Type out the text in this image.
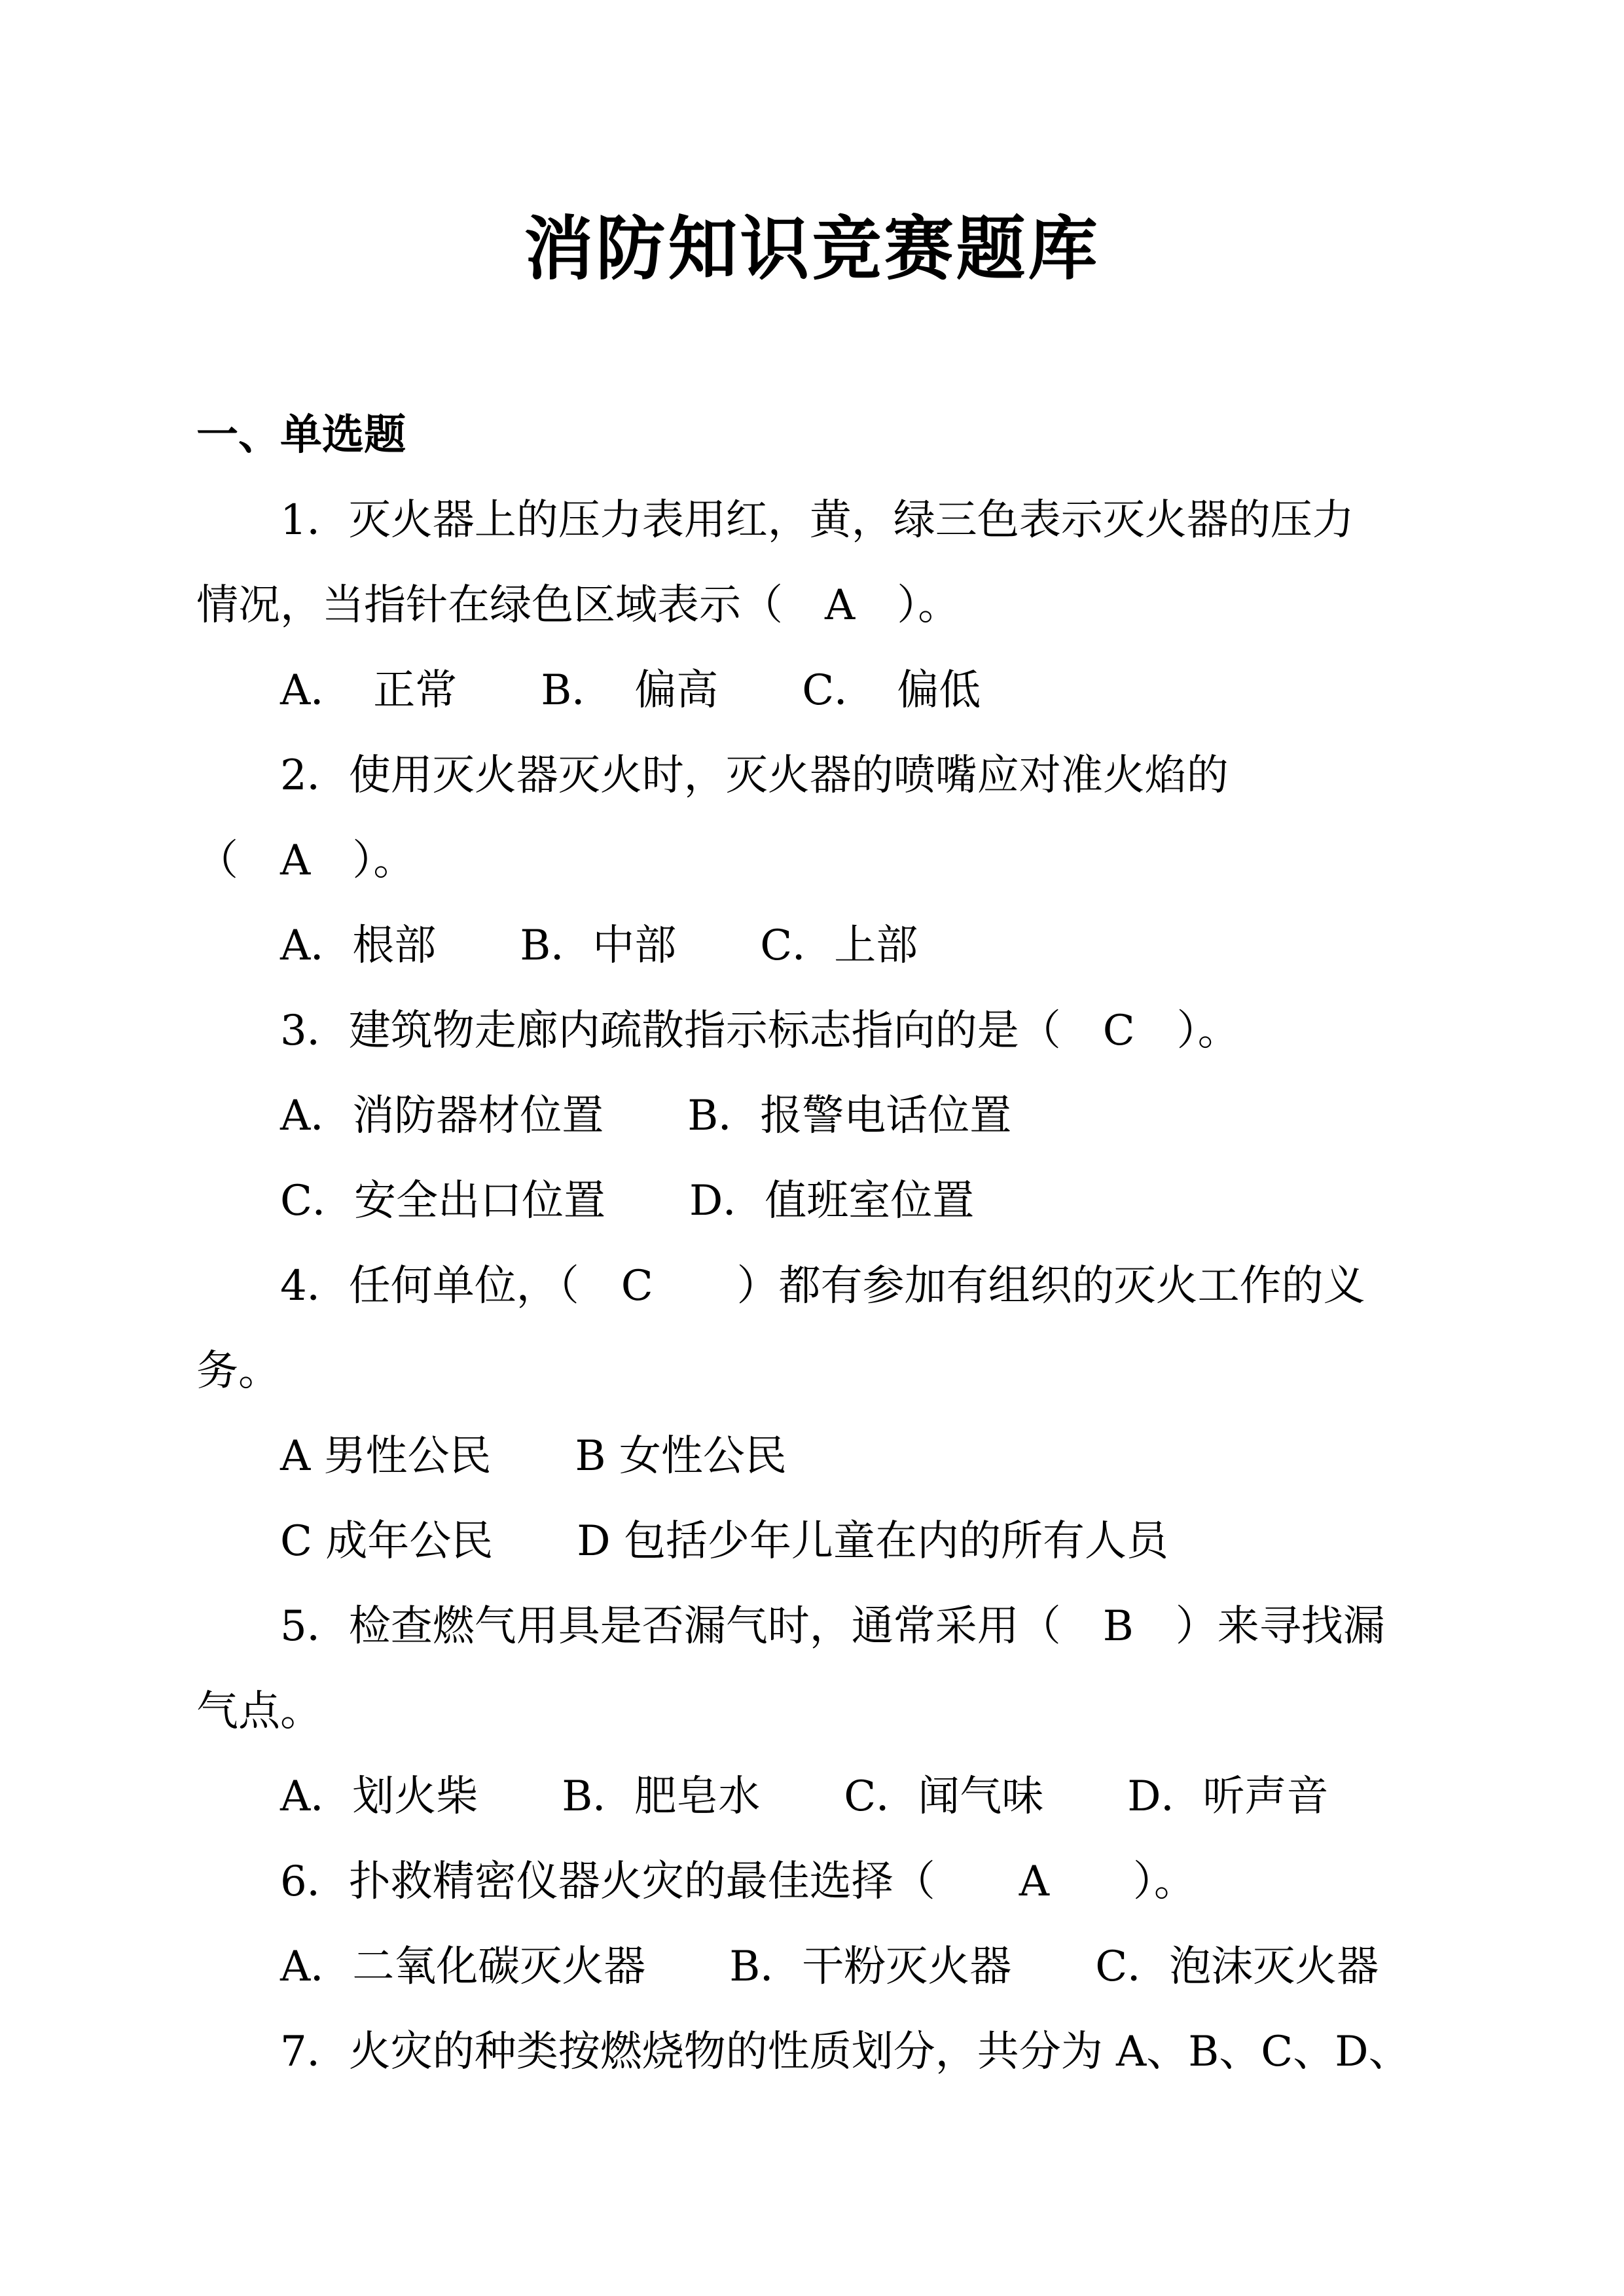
消防知识竞赛题库
一、单选题
1．灭火器上的压力表用红，黄，绿三色表示灭火器的压力
情况，当指针在绿色区域表示（　A　）。
A．　正常　　B．　偏高　　C．　偏低
2．使用灭火器灭火时，灭火器的喷嘴应对准火焰的
（　A　）。
A．根部　　B．中部　　C．上部
3．建筑物走廊内疏散指示标志指向的是（　C　）。
A．消防器材位置　　B．报警电话位置
C．安全出口位置　　D．值班室位置
4．任何单位，（　C　　）都有参加有组织的灭火工作的义
务。
A 男性公民　　B 女性公民
C 成年公民　　D 包括少年儿童在内的所有人员
5．检查燃气用具是否漏气时，通常采用（　B　）来寻找漏
气点。
A．划火柴　　B．肥皂水　　C．闻气味　　D．听声音
6．扑救精密仪器火灾的最佳选择（　　A　　）。
A．二氧化碳灭火器　　B．干粉灭火器　　C．泡沫灭火器
7．火灾的种类按燃烧物的性质划分，共分为 A、B、C、D、
